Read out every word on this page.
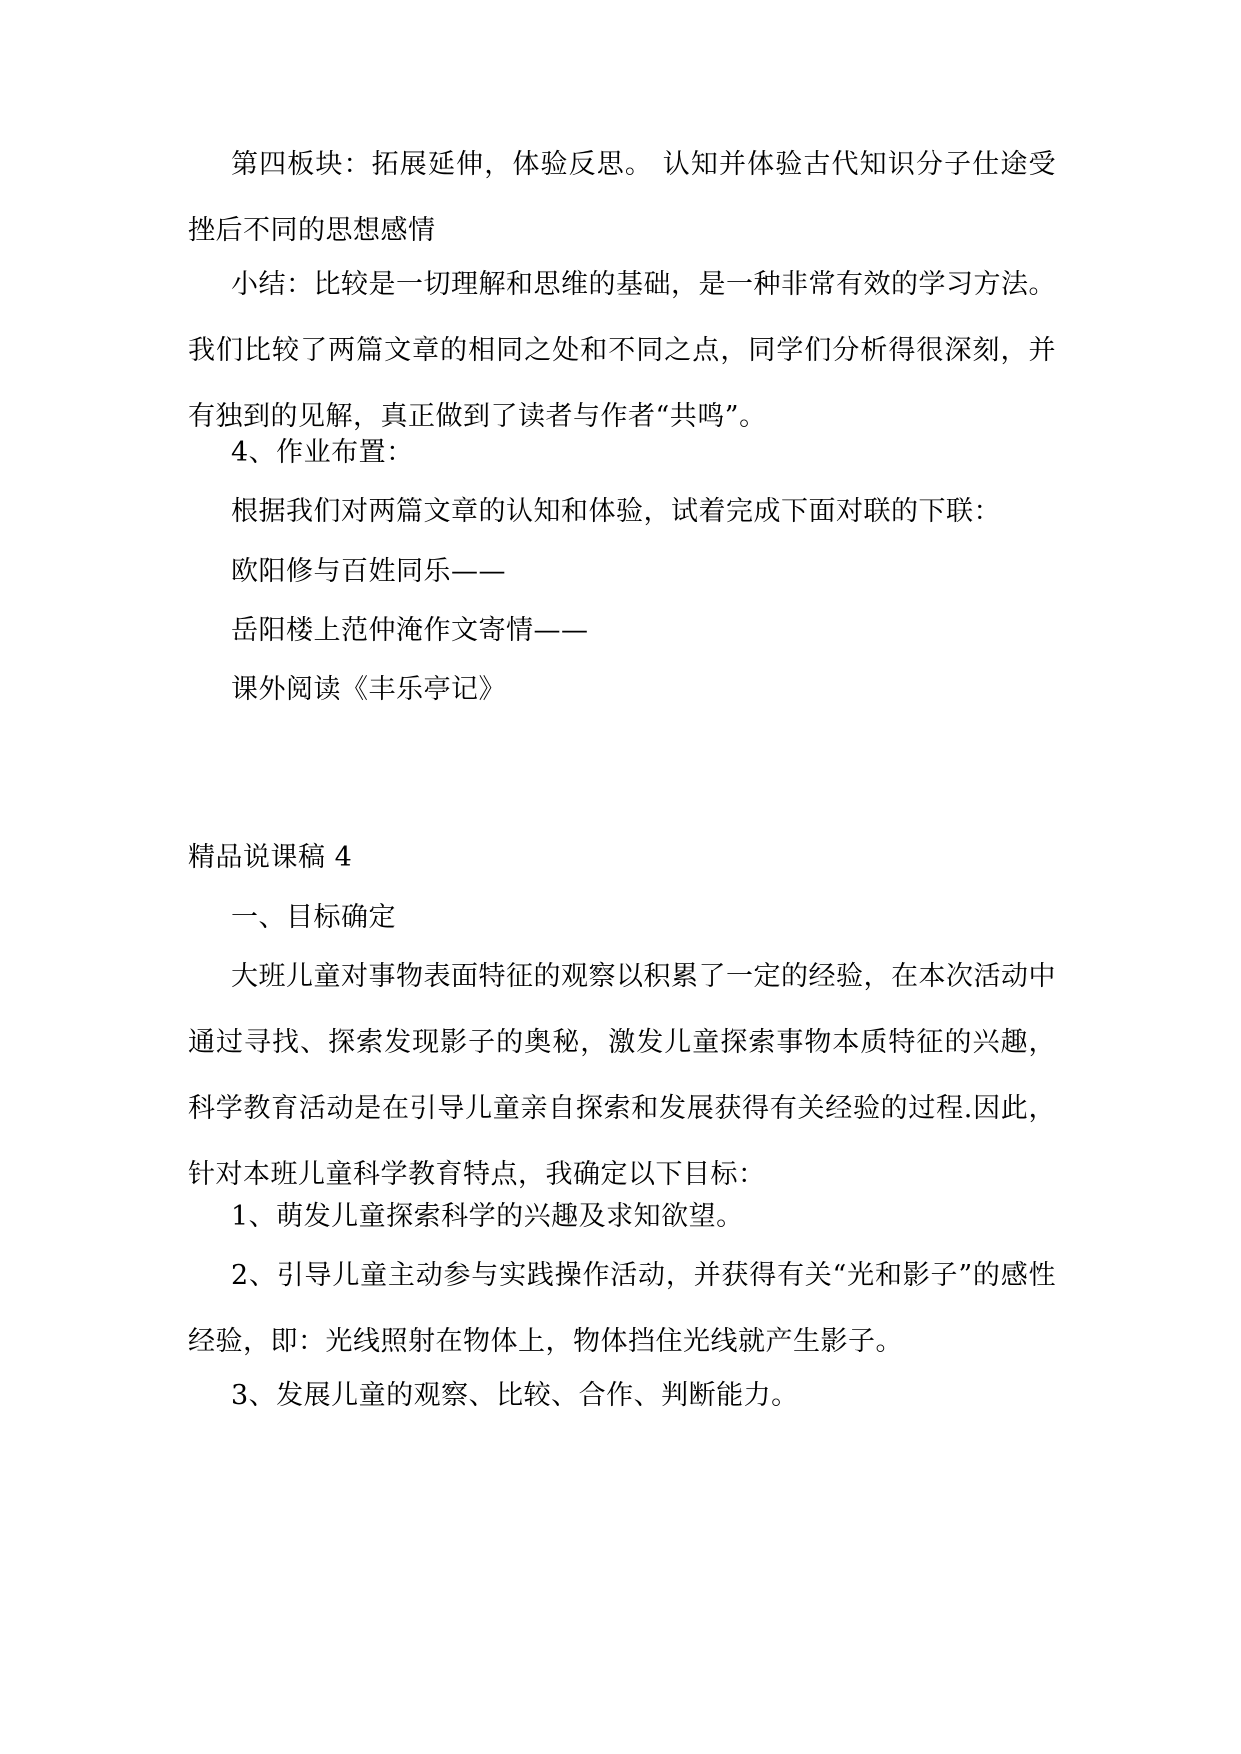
第四板块：拓展延伸，体验反思。 认知并体验古代知识分子仕途受挫后不同的思想感情

小结：比较是一切理解和思维的基础，是一种非常有效的学习方法。我们比较了两篇文章的相同之处和不同之点，同学们分析得很深刻，并有独到的见解，真正做到了读者与作者“共鸣”。

4、作业布置：

根据我们对两篇文章的认知和体验，试着完成下面对联的下联：

欧阳修与百姓同乐——

岳阳楼上范仲淹作文寄情——

课外阅读《丰乐亭记》

精品说课稿 4

一、目标确定

大班儿童对事物表面特征的观察以积累了一定的经验，在本次活动中通过寻找、探索发现影子的奥秘，激发儿童探索事物本质特征的兴趣，科学教育活动是在引导儿童亲自探索和发展获得有关经验的过程.因此，针对本班儿童科学教育特点，我确定以下目标：

1、萌发儿童探索科学的兴趣及求知欲望。

2、引导儿童主动参与实践操作活动，并获得有关“光和影子”的感性经验，即：光线照射在物体上，物体挡住光线就产生影子。

3、发展儿童的观察、比较、合作、判断能力。
